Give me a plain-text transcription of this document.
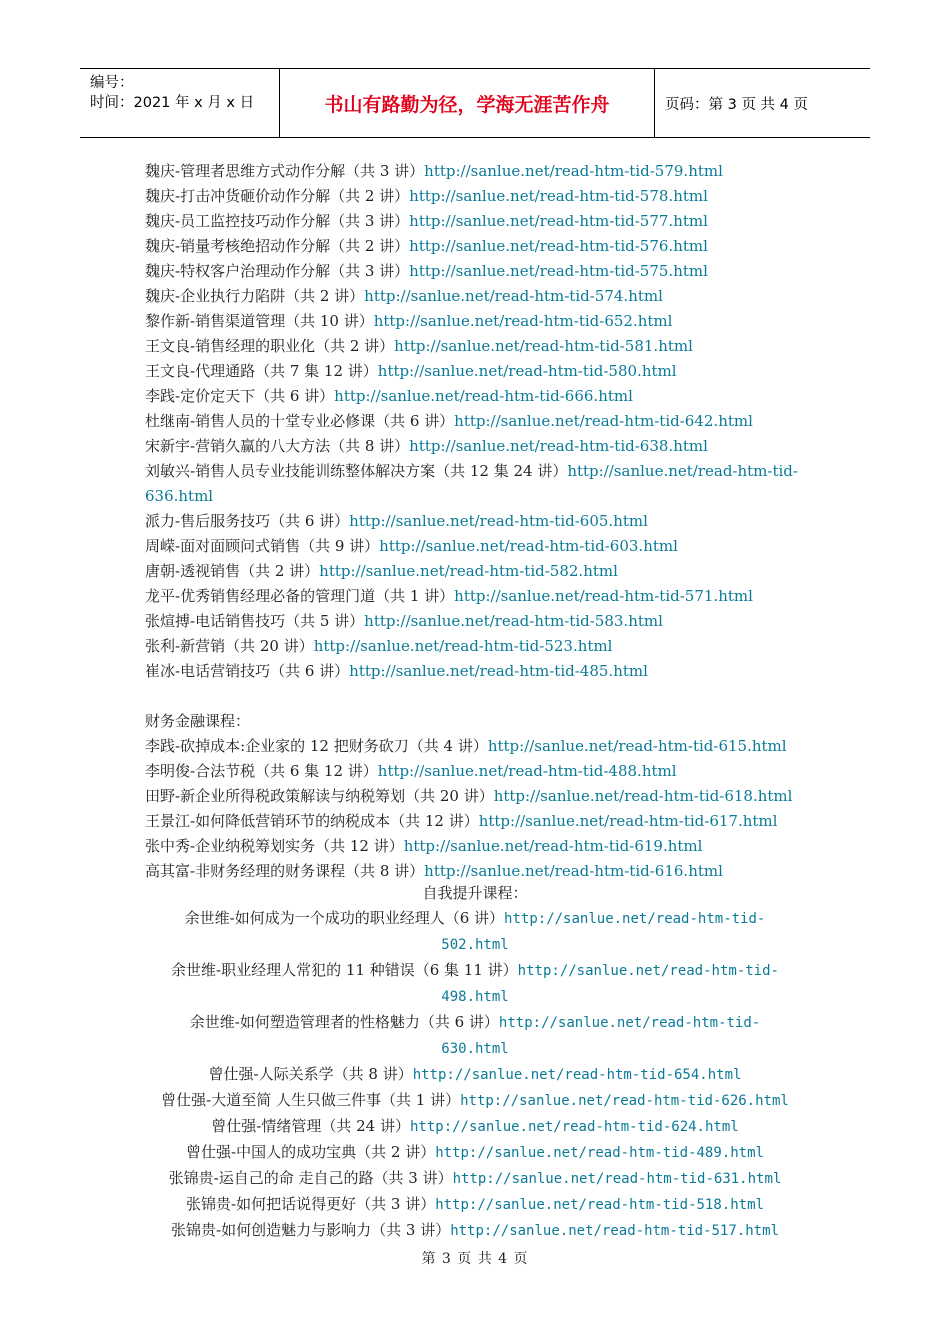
编号：
时间：2021 年 x 月 x 日	书山有路勤为径，学海无涯苦作舟	页码：第 3 页 共 4 页
魏庆-管理者思维方式动作分解（共 3 讲）http://sanlue.net/read-htm-tid-579.html
魏庆-打击冲货砸价动作分解（共 2 讲）http://sanlue.net/read-htm-tid-578.html
魏庆-员工监控技巧动作分解（共 3 讲）http://sanlue.net/read-htm-tid-577.html
魏庆-销量考核绝招动作分解（共 2 讲）http://sanlue.net/read-htm-tid-576.html
魏庆-特权客户治理动作分解（共 3 讲）http://sanlue.net/read-htm-tid-575.html
魏庆-企业执行力陷阱（共 2 讲）http://sanlue.net/read-htm-tid-574.html
黎作新-销售渠道管理（共 10 讲）http://sanlue.net/read-htm-tid-652.html
王文良-销售经理的职业化（共 2 讲）http://sanlue.net/read-htm-tid-581.html
王文良-代理通路（共 7 集 12 讲）http://sanlue.net/read-htm-tid-580.html
李践-定价定天下（共 6 讲）http://sanlue.net/read-htm-tid-666.html
杜继南-销售人员的十堂专业必修课（共 6 讲）http://sanlue.net/read-htm-tid-642.html
宋新宇-营销久赢的八大方法（共 8 讲）http://sanlue.net/read-htm-tid-638.html
刘敏兴-销售人员专业技能训练整体解决方案（共 12 集 24 讲）http://sanlue.net/read-htm-tid-636.html
派力-售后服务技巧（共 6 讲）http://sanlue.net/read-htm-tid-605.html
周嵘-面对面顾问式销售（共 9 讲）http://sanlue.net/read-htm-tid-603.html
唐朝-透视销售（共 2 讲）http://sanlue.net/read-htm-tid-582.html
龙平-优秀销售经理必备的管理门道（共 1 讲）http://sanlue.net/read-htm-tid-571.html
张煊搏-电话销售技巧（共 5 讲）http://sanlue.net/read-htm-tid-583.html
张利-新营销（共 20 讲）http://sanlue.net/read-htm-tid-523.html
崔冰-电话营销技巧（共 6 讲）http://sanlue.net/read-htm-tid-485.html
财务金融课程：
李践-砍掉成本:企业家的 12 把财务砍刀（共 4 讲）http://sanlue.net/read-htm-tid-615.html
李明俊-合法节税（共 6 集 12 讲）http://sanlue.net/read-htm-tid-488.html
田野-新企业所得税政策解读与纳税筹划（共 20 讲）http://sanlue.net/read-htm-tid-618.html
王景江-如何降低营销环节的纳税成本（共 12 讲）http://sanlue.net/read-htm-tid-617.html
张中秀-企业纳税筹划实务（共 12 讲）http://sanlue.net/read-htm-tid-619.html
高其富-非财务经理的财务课程（共 8 讲）http://sanlue.net/read-htm-tid-616.html
自我提升课程：
余世维-如何成为一个成功的职业经理人（6 讲）http://sanlue.net/read-htm-tid-
502.html
余世维-职业经理人常犯的 11 种错误（6 集 11 讲）http://sanlue.net/read-htm-tid-
498.html
余世维-如何塑造管理者的性格魅力（共 6 讲）http://sanlue.net/read-htm-tid-
630.html
曾仕强-人际关系学（共 8 讲）http://sanlue.net/read-htm-tid-654.html
曾仕强-大道至简 人生只做三件事（共 1 讲）http://sanlue.net/read-htm-tid-626.html
曾仕强-情绪管理（共 24 讲）http://sanlue.net/read-htm-tid-624.html
曾仕强-中国人的成功宝典（共 2 讲）http://sanlue.net/read-htm-tid-489.html
张锦贵-运自己的命 走自己的路（共 3 讲）http://sanlue.net/read-htm-tid-631.html
张锦贵-如何把话说得更好（共 3 讲）http://sanlue.net/read-htm-tid-518.html
张锦贵-如何创造魅力与影响力（共 3 讲）http://sanlue.net/read-htm-tid-517.html
第 3 页 共 4 页
